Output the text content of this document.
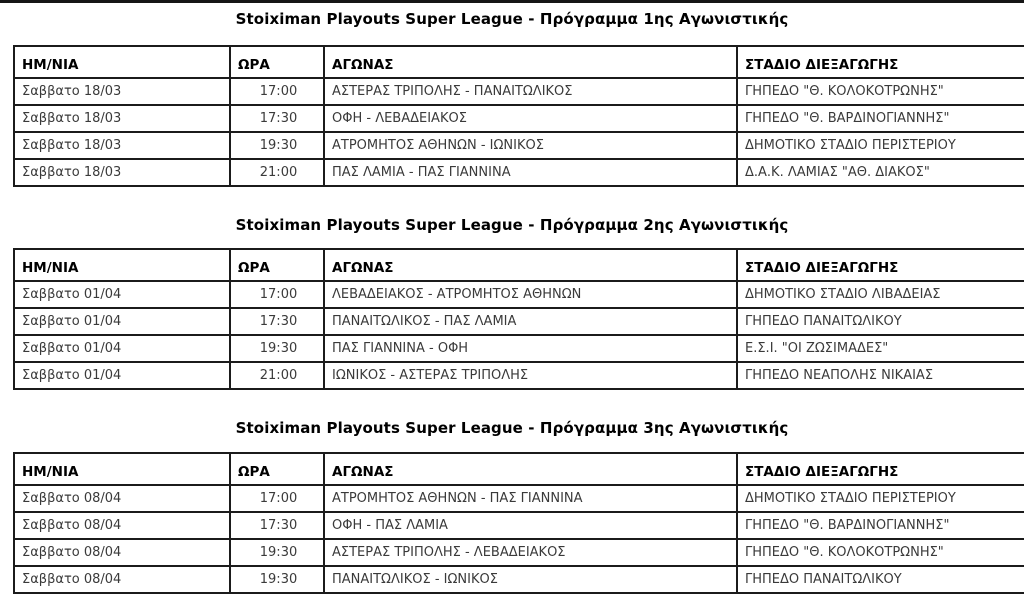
Stoiximan Playouts Super League - Πρόγραμμα 1ης Αγωνιστικής
ΗΜ/ΝΙΑ	ΩΡΑ	ΑΓΩΝΑΣ	ΣΤΑΔΙΟ ΔΙΕΞΑΓΩΓΗΣ
Σαββατο 18/03	17:00	ΑΣΤΕΡΑΣ ΤΡΙΠΟΛΗΣ - ΠΑΝΑΙΤΩΛΙΚΟΣ	ΓΗΠΕΔΟ "Θ. ΚΟΛΟΚΟΤΡΩΝΗΣ"
Σαββατο 18/03	17:30	ΟΦΗ - ΛΕΒΑΔΕΙΑΚΟΣ	ΓΗΠΕΔΟ "Θ. ΒΑΡΔΙΝΟΓΙΑΝΝΗΣ"
Σαββατο 18/03	19:30	ΑΤΡΟΜΗΤΟΣ ΑΘΗΝΩΝ - ΙΩΝΙΚΟΣ	ΔΗΜΟΤΙΚΟ ΣΤΑΔΙΟ ΠΕΡΙΣΤΕΡΙΟΥ
Σαββατο 18/03	21:00	ΠΑΣ ΛΑΜΙΑ - ΠΑΣ ΓΙΑΝΝΙΝΑ	Δ.Α.Κ. ΛΑΜΙΑΣ "ΑΘ. ΔΙΑΚΟΣ"
Stoiximan Playouts Super League - Πρόγραμμα 2ης Αγωνιστικής
ΗΜ/ΝΙΑ	ΩΡΑ	ΑΓΩΝΑΣ	ΣΤΑΔΙΟ ΔΙΕΞΑΓΩΓΗΣ
Σαββατο 01/04	17:00	ΛΕΒΑΔΕΙΑΚΟΣ - ΑΤΡΟΜΗΤΟΣ ΑΘΗΝΩΝ	ΔΗΜΟΤΙΚΟ ΣΤΑΔΙΟ ΛΙΒΑΔΕΙΑΣ
Σαββατο 01/04	17:30	ΠΑΝΑΙΤΩΛΙΚΟΣ - ΠΑΣ ΛΑΜΙΑ	ΓΗΠΕΔΟ ΠΑΝΑΙΤΩΛΙΚΟΥ
Σαββατο 01/04	19:30	ΠΑΣ ΓΙΑΝΝΙΝΑ - ΟΦΗ	Ε.Σ.Ι. "ΟΙ ΖΩΣΙΜΑΔΕΣ"
Σαββατο 01/04	21:00	ΙΩΝΙΚΟΣ - ΑΣΤΕΡΑΣ ΤΡΙΠΟΛΗΣ	ΓΗΠΕΔΟ ΝΕΑΠΟΛΗΣ ΝΙΚΑΙΑΣ
Stoiximan Playouts Super League - Πρόγραμμα 3ης Αγωνιστικής
ΗΜ/ΝΙΑ	ΩΡΑ	ΑΓΩΝΑΣ	ΣΤΑΔΙΟ ΔΙΕΞΑΓΩΓΗΣ
Σαββατο 08/04	17:00	ΑΤΡΟΜΗΤΟΣ ΑΘΗΝΩΝ - ΠΑΣ ΓΙΑΝΝΙΝΑ	ΔΗΜΟΤΙΚΟ ΣΤΑΔΙΟ ΠΕΡΙΣΤΕΡΙΟΥ
Σαββατο 08/04	17:30	ΟΦΗ - ΠΑΣ ΛΑΜΙΑ	ΓΗΠΕΔΟ "Θ. ΒΑΡΔΙΝΟΓΙΑΝΝΗΣ"
Σαββατο 08/04	19:30	ΑΣΤΕΡΑΣ ΤΡΙΠΟΛΗΣ - ΛΕΒΑΔΕΙΑΚΟΣ	ΓΗΠΕΔΟ "Θ. ΚΟΛΟΚΟΤΡΩΝΗΣ"
Σαββατο 08/04	19:30	ΠΑΝΑΙΤΩΛΙΚΟΣ - ΙΩΝΙΚΟΣ	ΓΗΠΕΔΟ ΠΑΝΑΙΤΩΛΙΚΟΥ
